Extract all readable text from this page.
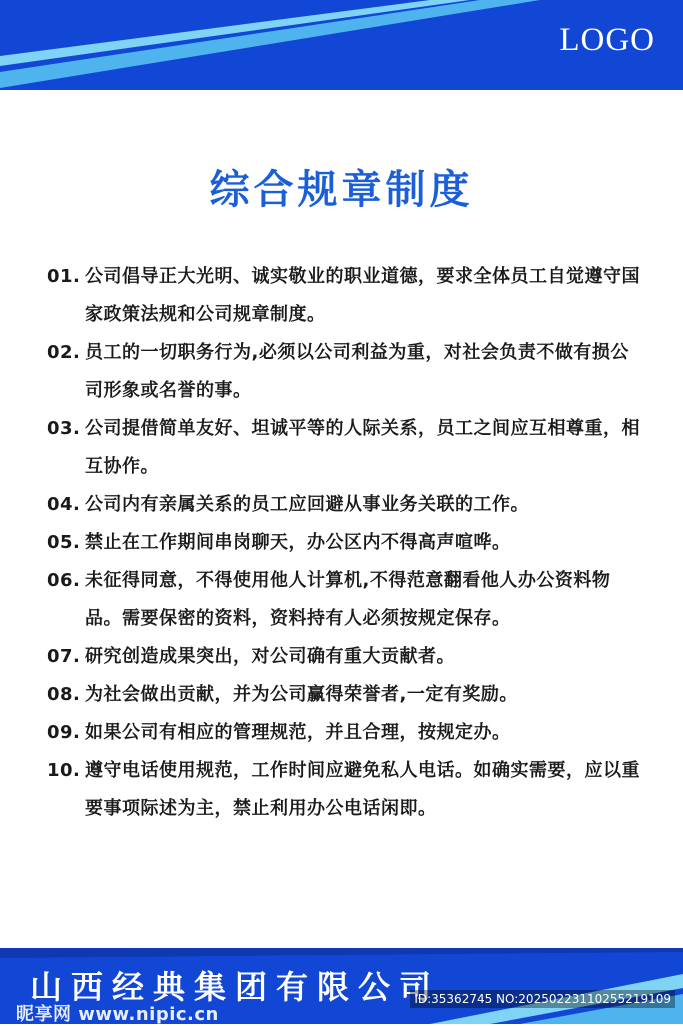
LOGO
综合规章制度
01. 公司倡导正大光明、诚实敬业的职业道德，要求全体员工自觉遵守国家政策法规和公司规章制度。
02. 员工的一切职务行为,必须以公司利益为重，对社会负责不做有损公司形象或名誉的事。
03. 公司提借简单友好、坦诚平等的人际关系，员工之间应互相尊重，相互协作。
04. 公司内有亲属关系的员工应回避从事业务关联的工作。
05. 禁止在工作期间串岗聊天，办公区内不得高声喧哗。
06. 未征得同意，不得使用他人计算机,不得范意翻看他人办公资料物品。需要保密的资料，资料持有人必须按规定保存。
07. 研究创造成果突出，对公司确有重大贡献者。
08. 为社会做出贡献，并为公司赢得荣誉者,一定有奖励。
09. 如果公司有相应的管理规范，并且合理，按规定办。
10. 遵守电话使用规范，工作时间应避免私人电话。如确实需要，应以重要事项际述为主，禁止利用办公电话闲即。
山西经典集团有限公司
昵享网 www.nipic.cn
ID:35362745 NO:20250223110255219109
